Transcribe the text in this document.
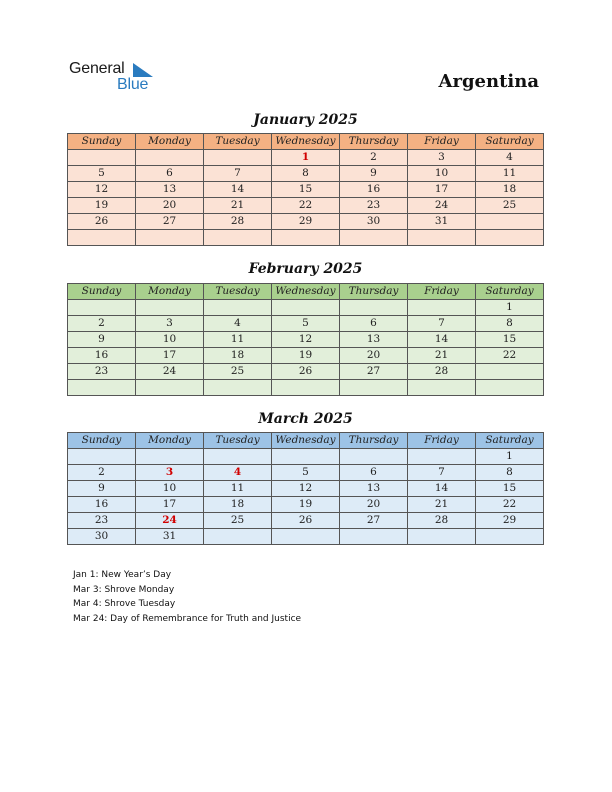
General
Blue	Argentina
January 2025
Sunday	Monday	Tuesday	Wednesday	Thursday	Friday	Saturday
			1	2	3	4
5	6	7	8	9	10	11
12	13	14	15	16	17	18
19	20	21	22	23	24	25
26	27	28	29	30	31	

February 2025
Sunday	Monday	Tuesday	Wednesday	Thursday	Friday	Saturday
						1
2	3	4	5	6	7	8
9	10	11	12	13	14	15
16	17	18	19	20	21	22
23	24	25	26	27	28	

March 2025
Sunday	Monday	Tuesday	Wednesday	Thursday	Friday	Saturday
						1
2	3	4	5	6	7	8
9	10	11	12	13	14	15
16	17	18	19	20	21	22
23	24	25	26	27	28	29
30	31					
Jan 1: New Year’s Day
Mar 3: Shrove Monday
Mar 4: Shrove Tuesday
Mar 24: Day of Remembrance for Truth and Justice
